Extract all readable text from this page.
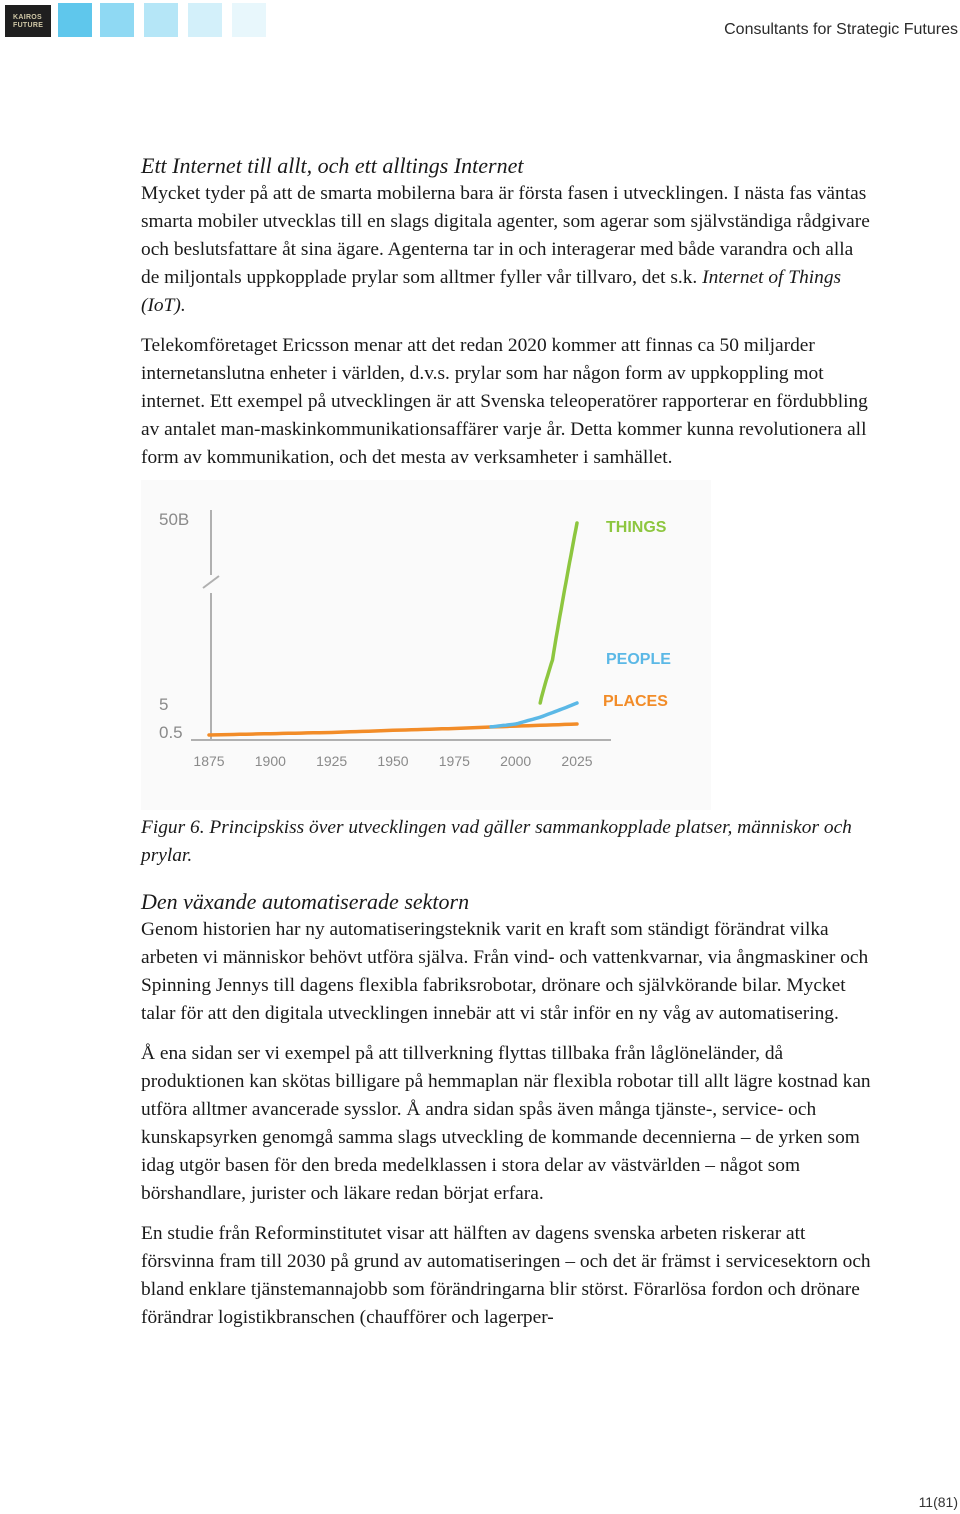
KAIROS
FUTURE	Consultants for Strategic Futures
Ett Internet till allt, och ett alltings Internet

Mycket tyder på att de smarta mobilerna bara är första fasen i utvecklingen. I nästa fas väntas smarta mobiler utvecklas till en slags digitala agenter, som agerar som självständiga rådgivare och beslutsfattare åt sina ägare. Agenterna tar in och interagerar med både varandra och alla de miljontals uppkopplade prylar som alltmer fyller vår tillvaro, det s.k. Internet of Things (IoT).

Telekomföretaget Ericsson menar att det redan 2020 kommer att finnas ca 50 miljarder internetanslutna enheter i världen, d.v.s. prylar som har någon form av uppkoppling mot internet. Ett exempel på utvecklingen är att Svenska teleoperatörer rapporterar en fördubbling av antalet man-maskinkommunikationsaffärer varje år. Detta kommer kunna revolutionera all form av kommunikation, och det mesta av verksamheter i samhället.

50B
5
0.5
1875 1900 1925 1950 1975 2000 2025
PLACES
PEOPLE
THINGS

Figur 6. Principskiss över utvecklingen vad gäller sammankopplade platser, människor och prylar.

Den växande automatiserade sektorn

Genom historien har ny automatiseringsteknik varit en kraft som ständigt förändrat vilka arbeten vi människor behövt utföra själva. Från vind- och vattenkvarnar, via ångmaskiner och Spinning Jennys till dagens flexibla fabriksrobotar, drönare och självkörande bilar. Mycket talar för att den digitala utvecklingen innebär att vi står inför en ny våg av automatisering.

Å ena sidan ser vi exempel på att tillverkning flyttas tillbaka från låglöneländer, då produktionen kan skötas billigare på hemmaplan när flexibla robotar till allt lägre kostnad kan utföra alltmer avancerade sysslor. Å andra sidan spås även många tjänste-, service- och kunskapsyrken genomgå samma slags utveckling de kommande decennierna – de yrken som idag utgör basen för den breda medelklassen i stora delar av västvärlden – något som börshandlare, jurister och läkare redan börjat erfara.

En studie från Reforminstitutet visar att hälften av dagens svenska arbeten riskerar att försvinna fram till 2030 på grund av automatiseringen – och det är främst i servicesektorn och bland enklare tjänstemannajobb som förändringarna blir störst. Förarlösa fordon och drönare förändrar logistikbranschen (chaufförer och lagerper-

11(81)
